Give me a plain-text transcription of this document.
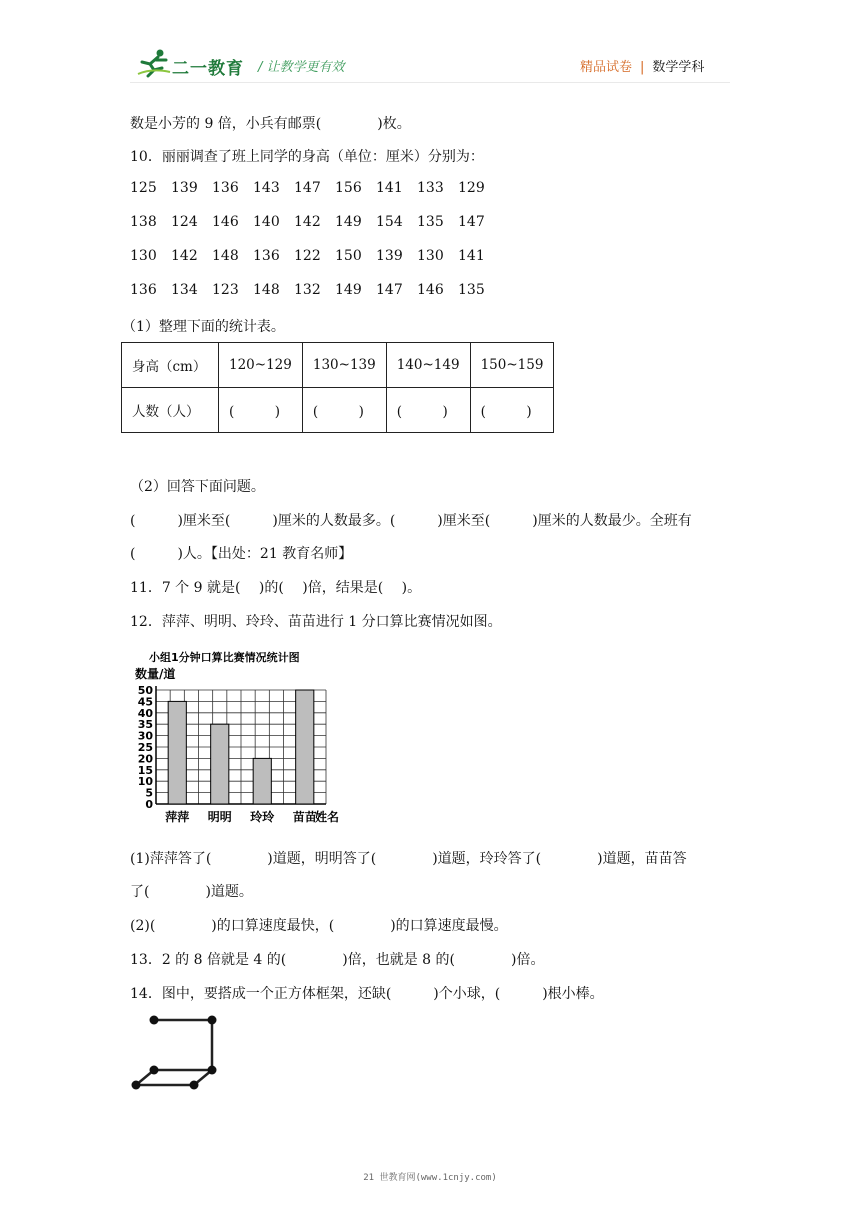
二一教育 / 让教学更有效	精品试卷 | 数学学科
数是小芳的 9 倍，小兵有邮票(　　　　)枚。
10．丽丽调查了班上同学的身高（单位：厘米）分别为：
125 139 136 143 147 156 141 133 129
138 124 146 140 142 149 154 135 147
130 142 148 136 122 150 139 130 141
136 134 123 148 132 149 147 146 135
（1）整理下面的统计表。
身高（cm）	120~129	130~139	140~149	150~159
人数（人）	(　　　)	(　　　)	(　　　)	(　　　)
（2）回答下面问题。
(　　　)厘米至(　　　)厘米的人数最多。(　　　)厘米至(　　　)厘米的人数最少。全班有
(　　　)人。【出处：21 教育名师】
11．7 个 9 就是(　 )的(　 )倍，结果是(　 )。
12．萍萍、明明、玲玲、苗苗进行 1 分口算比赛情况如图。
小组1分钟口算比赛情况统计图
数量/道
姓名
0
5
10
15
20
25
30
35
40
45
50
萍萍 明明 玲玲 苗苗
(1)萍萍答了(　　　　)道题，明明答了(　　　　)道题，玲玲答了(　　　　)道题，苗苗答
了(　　　　)道题。
(2)(　　　　)的口算速度最快，(　　　　)的口算速度最慢。
13．2 的 8 倍就是 4 的(　　　　)倍，也就是 8 的(　　　　)倍。
14．图中，要搭成一个正方体框架，还缺(　　　)个小球，(　　　)根小棒。
21 世教育网(www.1cnjy.com)
